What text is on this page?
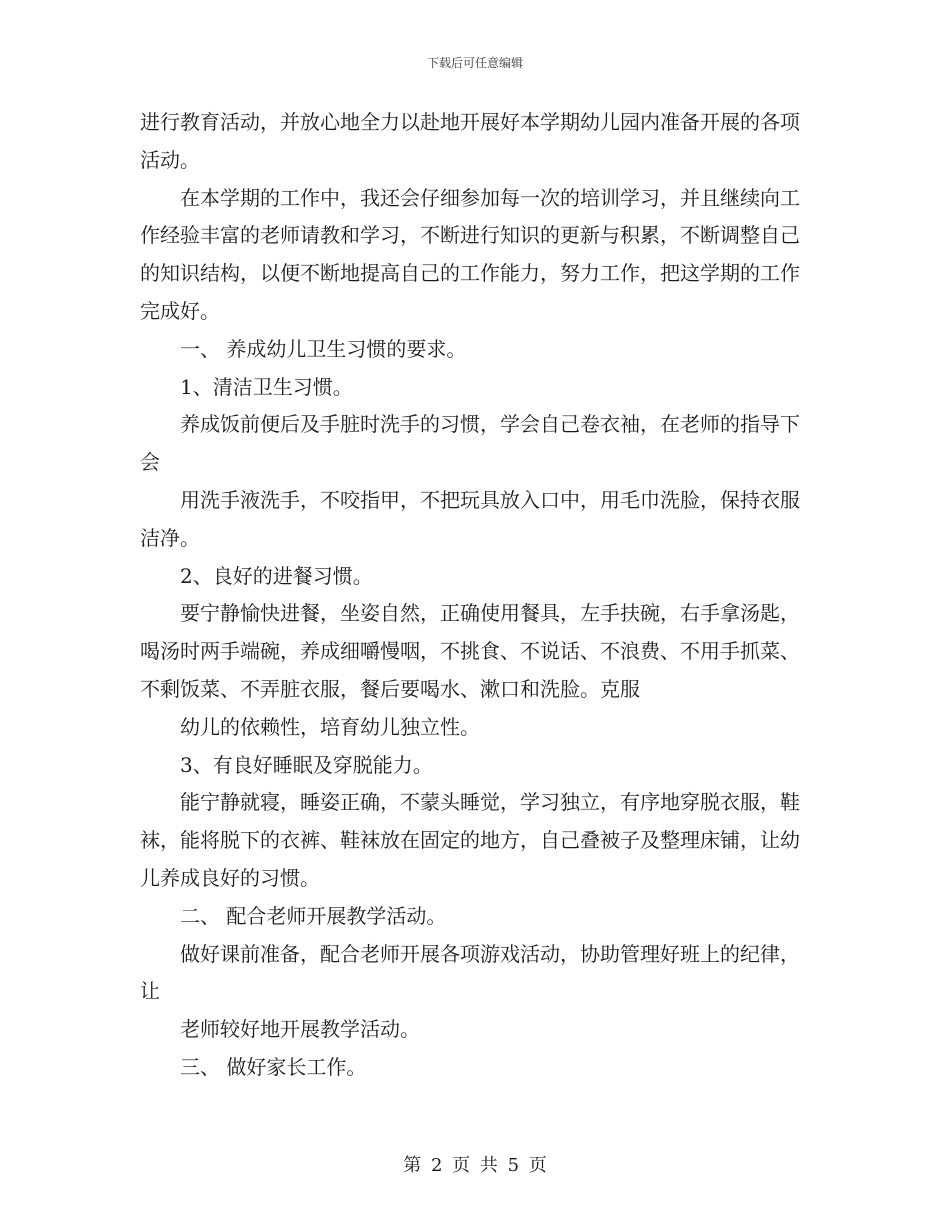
下载后可任意编辑

进行教育活动，并放心地全力以赴地开展好本学期幼儿园内准备开展的各项活动。

在本学期的工作中，我还会仔细参加每一次的培训学习，并且继续向工作经验丰富的老师请教和学习，不断进行知识的更新与积累，不断调整自己的知识结构，以便不断地提高自己的工作能力，努力工作，把这学期的工作完成好。

一、 养成幼儿卫生习惯的要求。

1、清洁卫生习惯。

养成饭前便后及手脏时洗手的习惯，学会自己卷衣袖，在老师的指导下会

用洗手液洗手，不咬指甲，不把玩具放入口中，用毛巾洗脸，保持衣服洁净。

2、良好的进餐习惯。

要宁静愉快进餐，坐姿自然，正确使用餐具，左手扶碗，右手拿汤匙，喝汤时两手端碗，养成细嚼慢咽，不挑食、不说话、不浪费、不用手抓菜、不剩饭菜、不弄脏衣服，餐后要喝水、漱口和洗脸。克服

幼儿的依赖性，培育幼儿独立性。

3、有良好睡眠及穿脱能力。

能宁静就寝，睡姿正确，不蒙头睡觉，学习独立，有序地穿脱衣服，鞋袜，能将脱下的衣裤、鞋袜放在固定的地方，自己叠被子及整理床铺，让幼儿养成良好的习惯。

二、 配合老师开展教学活动。

做好课前准备，配合老师开展各项游戏活动，协助管理好班上的纪律，让

老师较好地开展教学活动。

三、 做好家长工作。

第 2 页 共 5 页
